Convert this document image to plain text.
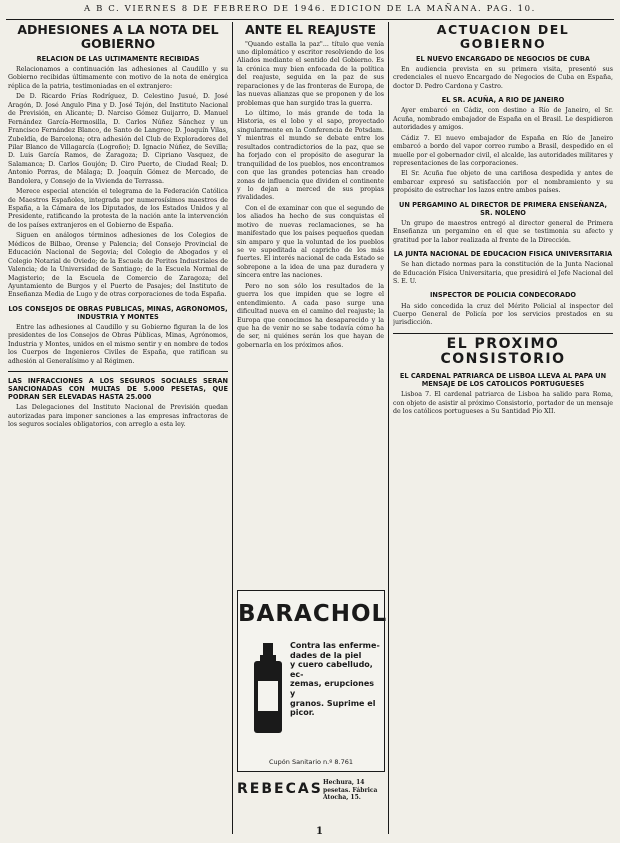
A B C. VIERNES 8 DE FEBRERO DE 1946. EDICION DE LA MAÑANA. PAG. 10.
ADHESIONES A LA NOTA DEL GOBIERNO
RELACION DE LAS ULTIMAMENTE RECIBIDAS

Relacionamos a continuación las adhesiones al Caudillo y su Gobierno recibidas últimamente con motivo de la nota de enérgica réplica de la patria, testimoniadas en el extranjero:

De D. Ricardo Frías Rodríguez, D. Celestino Jusué, D. José Aragón, D. José Angulo Pina y D. José Tejón, del Instituto Nacional de Previsión, en Alicante; D. Narciso Gómez Guijarro, D. Manuel Fernández García-Hermosilla, D. Carlos Núñez Sánchez y un Francisco Fernández Blanco, de Santo de Langreo; D. Joaquín Vilas, Zubeldía, de Barcelona; otra adhesión del Club de Exploradores del Pilar Blanco de Villagarcía (Logroño); D. Ignacio Núñez, de Sevilla; D. Luis García Ramos, de Zaragoza; D. Cipriano Vasquez, de Salamanca; D. Carlos Goujón; D. Ciro Puerto, de Ciudad Real; D. Antonio Porras, de Málaga; D. Joaquín Gómez de Mercado, de Bandolera, y Consejo de la Vivienda de Terrassa.

Merece especial atención el telegrama de la Federación Católica de Maestros Españoles, integrada por numerosísimos maestros de España, a la Cámara de los Diputados, de los Estados Unidos y al Presidente, ratificando la protesta de la nación ante la intervención de los países extranjeros en el Gobierno de España.

Siguen en análogos términos adhesiones de los Colegios de Médicos de Bilbao, Orense y Palencia; del Consejo Provincial de Educación Nacional de Segovia; del Colegio de Abogados y el Colegio Notarial de Oviedo; de la Escuela de Peritos Industriales de Valencia; de la Universidad de Santiago; de la Escuela Normal de Magisterio; de la Escuela de Comercio de Zaragoza; del Ayuntamiento de Burgos y el Puerto de Pasajes; del Instituto de Enseñanza Media de Lugo y de otras corporaciones de toda España.

LOS CONSEJOS DE OBRAS PUBLICAS, MINAS, AGRONOMOS, INDUSTRIA Y MONTES

Entre las adhesiones al Caudillo y su Gobierno figuran la de los presidentes de los Consejos de Obras Públicas, Minas, Agrónomos, Industria y Montes, unidos en el mismo sentir y en nombre de todos los Cuerpos de Ingenieros Civiles de España, que ratifican su adhesión al Generalísimo y al Régimen.

LAS INFRACCIONES A LOS SEGUROS SOCIALES SERAN SANCIONADAS CON MULTAS DE 5.000 PESETAS, QUE PODRAN SER ELEVADAS HASTA 25.000

Las Delegaciones del Instituto Nacional de Previsión quedan autorizadas para imponer sanciones a las empresas infractoras de los seguros sociales obligatorios, con arreglo a esta ley.

ANTE EL REAJUSTE

"Quando estalla la paz"... título que venía uno diplomático y escritor resolviendo de los Aliados mediante el sentido del Gobierno. Es la crónica muy bien enfocada de la política del reajuste, seguida en la paz de sus reparaciones y de las fronteras de Europa, de las nuevas alianzas que se proponen y de los problemas que han surgido tras la guerra.

Lo último, lo más grande de toda la Historia, es el lobo y el sapo, proyectado singularmente en la Conferencia de Potsdam. Y mientras el mundo se debate entre los resultados contradictorios de la paz, que se ha forjado con el propósito de asegurar la tranquilidad de los pueblos, nos encontramos con que las grandes potencias han creado zonas de influencia que dividen el continente y lo dejan a merced de sus propias rivalidades.

Con el de examinar con que el segundo de los aliados ha hecho de sus conquistas el motivo de nuevas reclamaciones, se ha manifestado que los países pequeños quedan sin amparo y que la voluntad de los pueblos se ve supeditada al capricho de los más fuertes. El interés nacional de cada Estado se sobrepone a la idea de una paz duradera y sincera entre las naciones.

Pero no son sólo los resultados de la guerra los que impiden que se logre el entendimiento. A cada paso surge una dificultad nueva en el camino del reajuste; la Europa que conocimos ha desaparecido y la que ha de venir no se sabe todavía cómo ha de ser, ni quiénes serán los que hayan de gobernarla en los próximos años.

BARACHOL
Contra las enferme-
dades de la piel
y cuero cabelludo, ec-
zemas, erupciones y
granos. Suprime el
picor.
Cupón Sanitario n.º 8.761
REBECAS Hechura, 14 pesetas. Fábrica Atocha, 15.
ACTUACION DEL GOBIERNO
EL NUEVO ENCARGADO DE NEGOCIOS DE CUBA

En audiencia prevista en su primera visita, presentó sus credenciales el nuevo Encargado de Negocios de Cuba en España, doctor D. Pedro Cardona y Castro.

EL SR. ACUÑA, A RIO DE JANEIRO

Ayer embarcó en Cádiz, con destino a Río de Janeiro, el Sr. Acuña, nombrado embajador de España en el Brasil. Le despidieron autoridades y amigos.

Cádiz 7. El nuevo embajador de España en Río de Janeiro embarcó a bordo del vapor correo rumbo a Brasil, despedido en el muelle por el gobernador civil, el alcalde, las autoridades militares y representaciones de las corporaciones.

El Sr. Acuña fue objeto de una cariñosa despedida y antes de embarcar expresó su satisfacción por el nombramiento y su propósito de estrechar los lazos entre ambos países.

UN PERGAMINO AL DIRECTOR DE PRIMERA ENSEÑANZA, SR. NOLENO

Un grupo de maestros entregó al director general de Primera Enseñanza un pergamino en el que se testimonia su afecto y gratitud por la labor realizada al frente de la Dirección.

LA JUNTA NACIONAL DE EDUCACION FISICA UNIVERSITARIA

Se han dictado normas para la constitución de la Junta Nacional de Educación Física Universitaria, que presidirá el Jefe Nacional del S. E. U.

INSPECTOR DE POLICIA CONDECORADO

Ha sido concedida la cruz del Mérito Policial al inspector del Cuerpo General de Policía por los servicios prestados en su jurisdicción.

EL PROXIMO CONSISTORIO
EL CARDENAL PATRIARCA DE LISBOA LLEVA AL PAPA UN MENSAJE DE LOS CATOLICOS PORTUGUESES

Lisboa 7. El cardenal patriarca de Lisboa ha salido para Roma, con objeto de asistir al próximo Consistorio, portador de un mensaje de los católicos portugueses a Su Santidad Pío XII.

1
